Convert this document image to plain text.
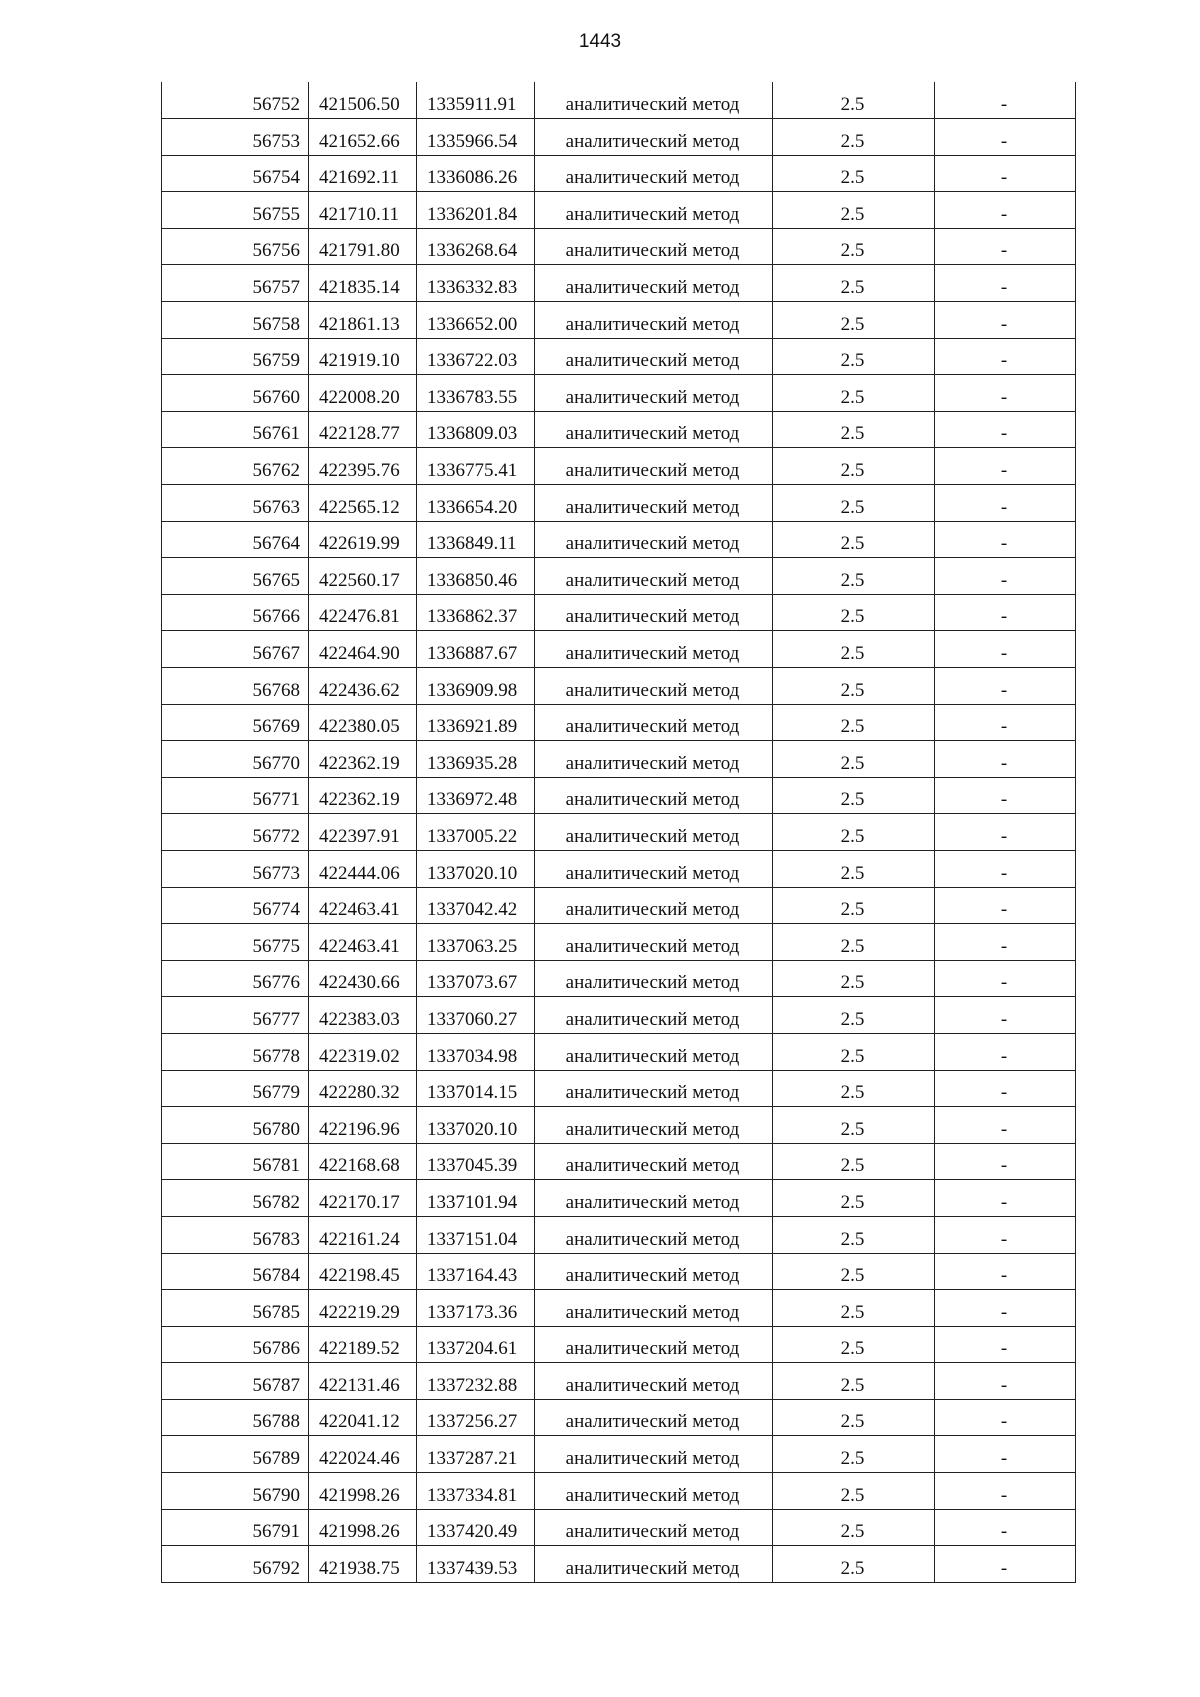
1443
56752	421506.50	1335911.91	аналитический метод	2.5	-
56753	421652.66	1335966.54	аналитический метод	2.5	-
56754	421692.11	1336086.26	аналитический метод	2.5	-
56755	421710.11	1336201.84	аналитический метод	2.5	-
56756	421791.80	1336268.64	аналитический метод	2.5	-
56757	421835.14	1336332.83	аналитический метод	2.5	-
56758	421861.13	1336652.00	аналитический метод	2.5	-
56759	421919.10	1336722.03	аналитический метод	2.5	-
56760	422008.20	1336783.55	аналитический метод	2.5	-
56761	422128.77	1336809.03	аналитический метод	2.5	-
56762	422395.76	1336775.41	аналитический метод	2.5	-
56763	422565.12	1336654.20	аналитический метод	2.5	-
56764	422619.99	1336849.11	аналитический метод	2.5	-
56765	422560.17	1336850.46	аналитический метод	2.5	-
56766	422476.81	1336862.37	аналитический метод	2.5	-
56767	422464.90	1336887.67	аналитический метод	2.5	-
56768	422436.62	1336909.98	аналитический метод	2.5	-
56769	422380.05	1336921.89	аналитический метод	2.5	-
56770	422362.19	1336935.28	аналитический метод	2.5	-
56771	422362.19	1336972.48	аналитический метод	2.5	-
56772	422397.91	1337005.22	аналитический метод	2.5	-
56773	422444.06	1337020.10	аналитический метод	2.5	-
56774	422463.41	1337042.42	аналитический метод	2.5	-
56775	422463.41	1337063.25	аналитический метод	2.5	-
56776	422430.66	1337073.67	аналитический метод	2.5	-
56777	422383.03	1337060.27	аналитический метод	2.5	-
56778	422319.02	1337034.98	аналитический метод	2.5	-
56779	422280.32	1337014.15	аналитический метод	2.5	-
56780	422196.96	1337020.10	аналитический метод	2.5	-
56781	422168.68	1337045.39	аналитический метод	2.5	-
56782	422170.17	1337101.94	аналитический метод	2.5	-
56783	422161.24	1337151.04	аналитический метод	2.5	-
56784	422198.45	1337164.43	аналитический метод	2.5	-
56785	422219.29	1337173.36	аналитический метод	2.5	-
56786	422189.52	1337204.61	аналитический метод	2.5	-
56787	422131.46	1337232.88	аналитический метод	2.5	-
56788	422041.12	1337256.27	аналитический метод	2.5	-
56789	422024.46	1337287.21	аналитический метод	2.5	-
56790	421998.26	1337334.81	аналитический метод	2.5	-
56791	421998.26	1337420.49	аналитический метод	2.5	-
56792	421938.75	1337439.53	аналитический метод	2.5	-
